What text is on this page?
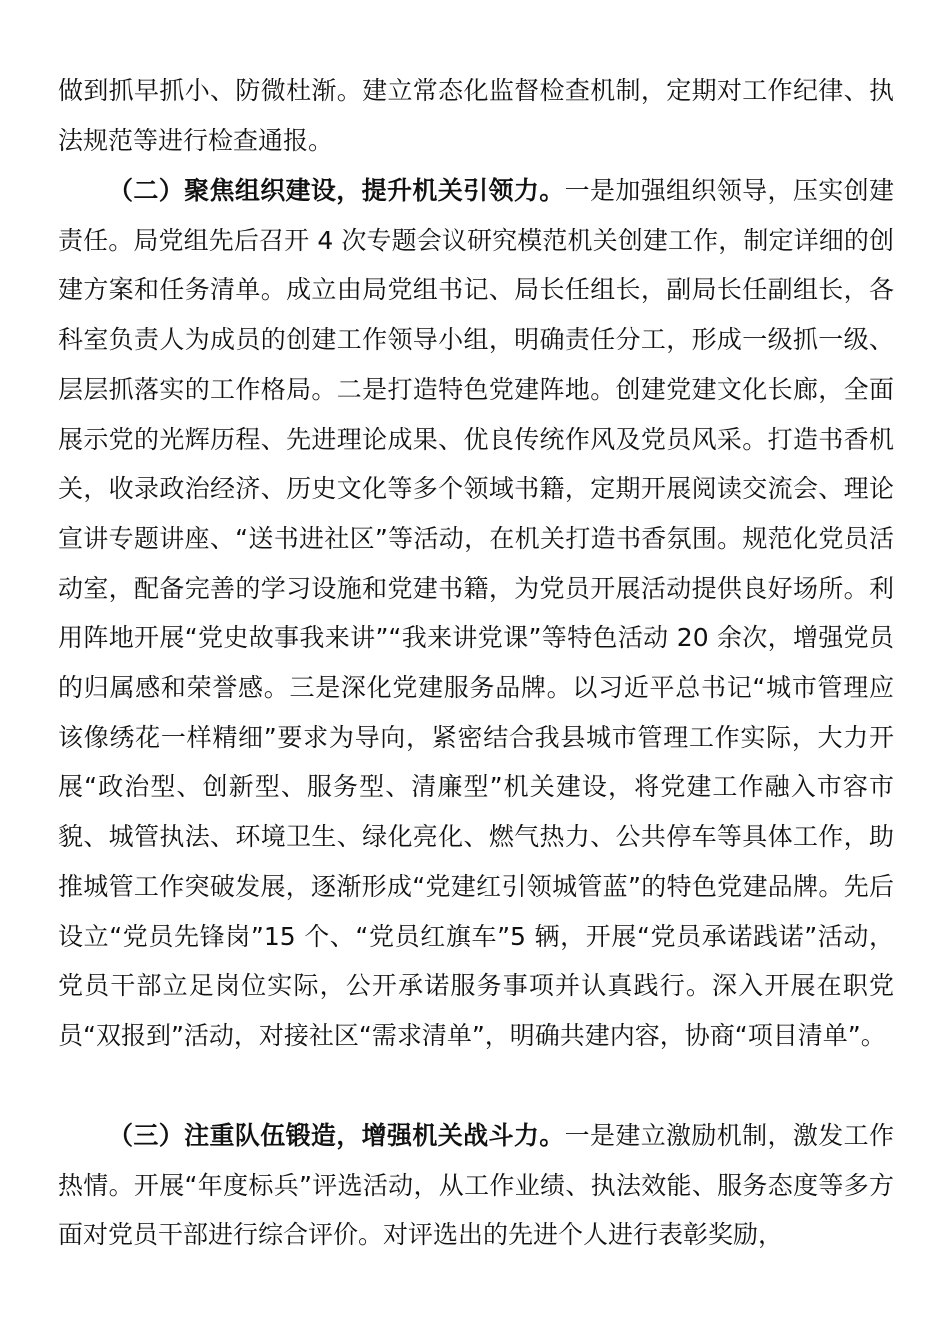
做到抓早抓小、防微杜渐。建立常态化监督检查机制，定期对工作纪律、执法规范等进行检查通报。

（二）聚焦组织建设，提升机关引领力。一是加强组织领导，压实创建责任。局党组先后召开 4 次专题会议研究模范机关创建工作，制定详细的创建方案和任务清单。成立由局党组书记、局长任组长，副局长任副组长，各科室负责人为成员的创建工作领导小组，明确责任分工，形成一级抓一级、层层抓落实的工作格局。二是打造特色党建阵地。创建党建文化长廊，全面展示党的光辉历程、先进理论成果、优良传统作风及党员风采。打造书香机关，收录政治经济、历史文化等多个领域书籍，定期开展阅读交流会、理论宣讲专题讲座、“送书进社区”等活动，在机关打造书香氛围。规范化党员活动室，配备完善的学习设施和党建书籍，为党员开展活动提供良好场所。利用阵地开展“党史故事我来讲”“我来讲党课”等特色活动 20 余次，增强党员的归属感和荣誉感。三是深化党建服务品牌。以习近平总书记“城市管理应该像绣花一样精细”要求为导向，紧密结合我县城市管理工作实际，大力开展“政治型、创新型、服务型、清廉型”机关建设，将党建工作融入市容市貌、城管执法、环境卫生、绿化亮化、燃气热力、公共停车等具体工作，助推城管工作突破发展，逐渐形成“党建红引领城管蓝”的特色党建品牌。先后设立“党员先锋岗”15 个、“党员红旗车”5 辆，开展“党员承诺践诺”活动，党员干部立足岗位实际，公开承诺服务事项并认真践行。深入开展在职党员“双报到”活动，对接社区“需求清单”，明确共建内容，协商“项目清单”。

（三）注重队伍锻造，增强机关战斗力。一是建立激励机制，激发工作热情。开展“年度标兵”评选活动，从工作业绩、执法效能、服务态度等多方面对党员干部进行综合评价。对评选出的先进个人进行表彰奖励，
